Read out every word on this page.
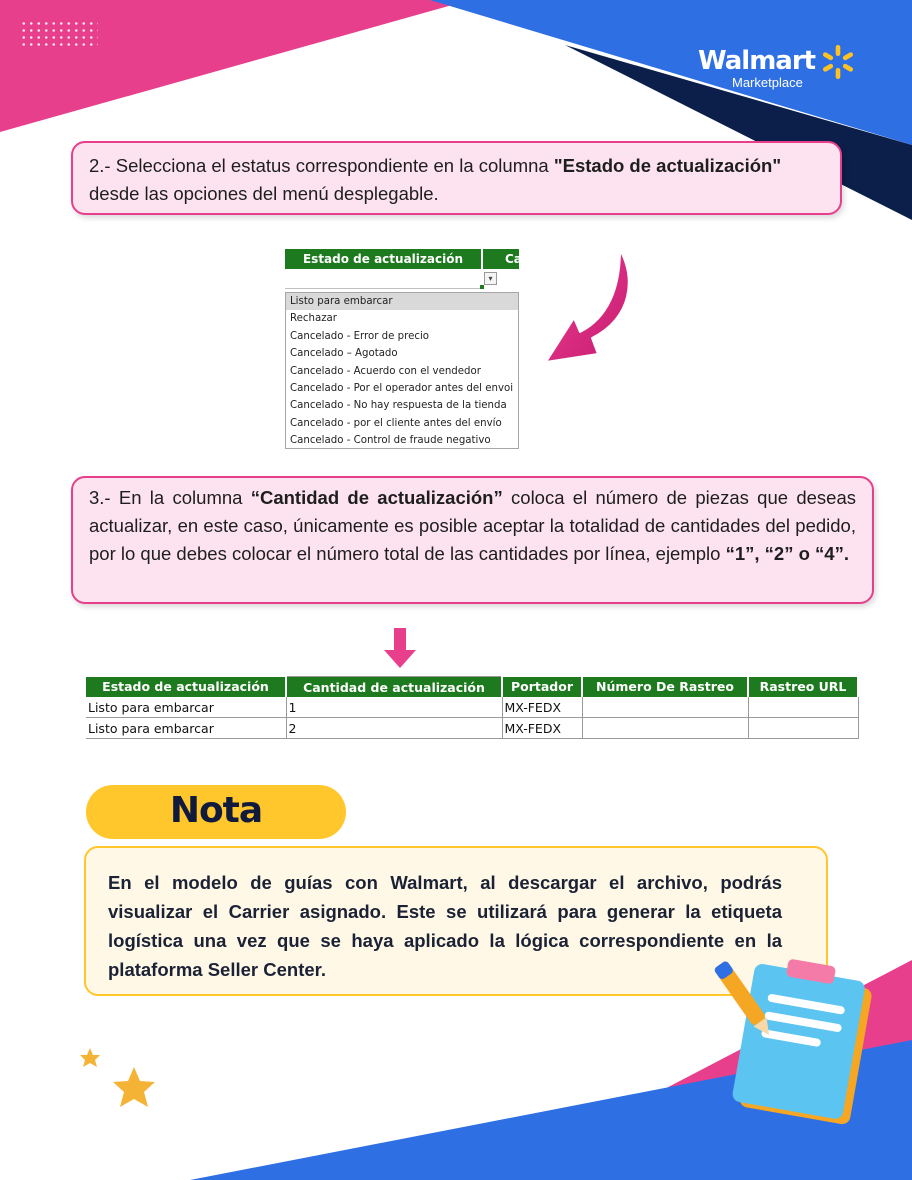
Walmart
Marketplace
2.- Selecciona el estatus correspondiente en la columna "Estado de actualización" desde las opciones del menú desplegable.
Estado de actualización	Ca
▾
Listo para embarcar
Rechazar
Cancelado - Error de precio
Cancelado – Agotado
Cancelado - Acuerdo con el vendedor
Cancelado - Por el operador antes del envoi
Cancelado - No hay respuesta de la tienda
Cancelado - por el cliente antes del envío
Cancelado - Control de fraude negativo
3.- En la columna “Cantidad de actualización” coloca el número de piezas que deseas actualizar, en este caso, únicamente es posible aceptar la totalidad de cantidades del pedido, por lo que debes colocar el número total de las cantidades por línea, ejemplo “1”, “2” o “4”.
Estado de actualización	Cantidad de actualización	Portador	Número De Rastreo	Rastreo URL
Listo para embarcar	1	MX-FEDX		
Listo para embarcar	2	MX-FEDX		
Nota
En el modelo de guías con Walmart, al descargar el archivo, podrás visualizar el Carrier asignado. Este se utilizará para generar la etiqueta logística una vez que se haya aplicado la lógica correspondiente en la plataforma Seller Center.
